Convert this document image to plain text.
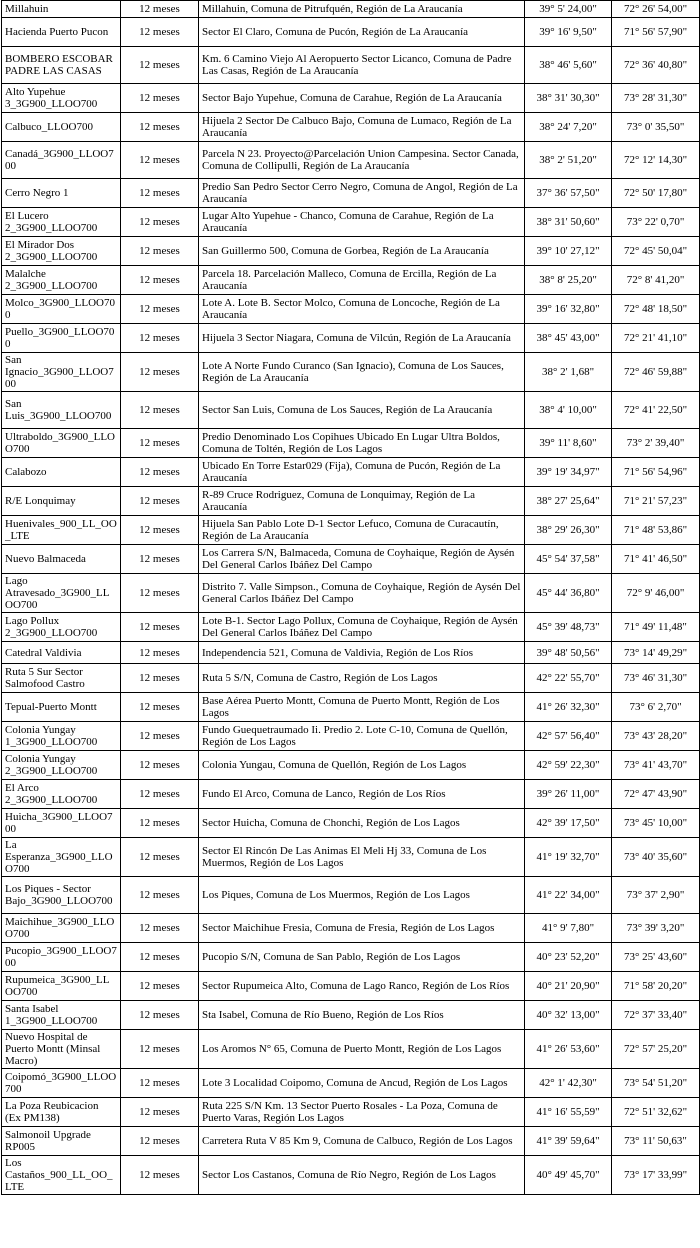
Millahuin	12 meses	Millahuin, Comuna de Pitrufquén, Región de La Araucanía	39° 5' 24,00"	72° 26' 54,00"
Hacienda Puerto Pucon	12 meses	Sector El Claro, Comuna de Pucón, Región de La Araucanía	39° 16' 9,50"	71° 56' 57,90"
BOMBERO ESCOBAR PADRE LAS CASAS	12 meses	Km. 6 Camino Viejo Al Aeropuerto Sector Licanco, Comuna de Padre Las Casas, Región de La Araucanía	38° 46' 5,60"	72° 36' 40,80"
Alto Yupehue 3_3G900_LLOO700	12 meses	Sector Bajo Yupehue, Comuna de Carahue, Región de La Araucanía	38° 31' 30,30"	73° 28' 31,30"
Calbuco_LLOO700	12 meses	Hijuela 2 Sector De Calbuco Bajo, Comuna de Lumaco, Región de La Araucanía	38° 24' 7,20"	73° 0' 35,50"
Canadá_3G900_LLOO700	12 meses	Parcela N 23. Proyecto@Parcelación Union Campesina. Sector Canada, Comuna de Collipulli, Región de La Araucanía	38° 2' 51,20"	72° 12' 14,30"
Cerro Negro 1	12 meses	Predio San Pedro Sector Cerro Negro, Comuna de Angol, Región de La Araucanía	37° 36' 57,50"	72° 50' 17,80"
El Lucero 2_3G900_LLOO700	12 meses	Lugar Alto Yupehue - Chanco, Comuna de Carahue, Región de La Araucanía	38° 31' 50,60"	73° 22' 0,70"
El Mirador Dos 2_3G900_LLOO700	12 meses	San Guillermo 500, Comuna de Gorbea, Región de La Araucanía	39° 10' 27,12"	72° 45' 50,04"
Malalche 2_3G900_LLOO700	12 meses	Parcela 18. Parcelación Malleco, Comuna de Ercilla, Región de La Araucanía	38° 8' 25,20"	72° 8' 41,20"
Molco_3G900_LLOO700	12 meses	Lote A. Lote B. Sector Molco, Comuna de Loncoche, Región de La Araucanía	39° 16' 32,80"	72° 48' 18,50"
Puello_3G900_LLOO700	12 meses	Hijuela 3 Sector Niagara, Comuna de Vilcún, Región de La Araucanía	38° 45' 43,00"	72° 21' 41,10"
San Ignacio_3G900_LLOO700	12 meses	Lote A Norte Fundo Curanco (San Ignacio), Comuna de Los Sauces, Región de La Araucanía	38° 2' 1,68"	72° 46' 59,88"
San Luis_3G900_LLOO700	12 meses	Sector San Luis, Comuna de Los Sauces, Región de La Araucanía	38° 4' 10,00"	72° 41' 22,50"
Ultraboldo_3G900_LLOO700	12 meses	Predio Denominado Los Copihues Ubicado En Lugar Ultra Boldos, Comuna de Toltén, Región de Los Lagos	39° 11' 8,60"	73° 2' 39,40"
Calabozo	12 meses	Ubicado En Torre Estar029 (Fija), Comuna de Pucón, Región de La Araucanía	39° 19' 34,97"	71° 56' 54,96"
R/E Lonquimay	12 meses	R-89 Cruce Rodriguez, Comuna de Lonquimay, Región de La Araucanía	38° 27' 25,64"	71° 21' 57,23"
Huenivales_900_LL_OO_LTE	12 meses	Hijuela San Pablo Lote D-1 Sector Lefuco, Comuna de Curacautín, Región de La Araucanía	38° 29' 26,30"	71° 48' 53,86"
Nuevo Balmaceda	12 meses	Los Carrera S/N, Balmaceda, Comuna de Coyhaique, Región de Aysén Del General Carlos Ibáñez Del Campo	45° 54' 37,58"	71° 41' 46,50"
Lago Atravesado_3G900_LLOO700	12 meses	Distrito 7. Valle Simpson., Comuna de Coyhaique, Región de Aysén Del General Carlos Ibáñez Del Campo	45° 44' 36,80"	72° 9' 46,00"
Lago Pollux 2_3G900_LLOO700	12 meses	Lote B-1. Sector Lago Pollux, Comuna de Coyhaique, Región de Aysén Del General Carlos Ibáñez Del Campo	45° 39' 48,73"	71° 49' 11,48"
Catedral Valdivia	12 meses	Independencia 521, Comuna de Valdivia, Región de Los Ríos	39° 48' 50,56"	73° 14' 49,29"
Ruta 5 Sur Sector Salmofood Castro	12 meses	Ruta 5 S/N, Comuna de Castro, Región de Los Lagos	42° 22' 55,70"	73° 46' 31,30"
Tepual-Puerto Montt	12 meses	Base Aérea Puerto Montt, Comuna de Puerto Montt, Región de Los Lagos	41° 26' 32,30"	73° 6' 2,70"
Colonia Yungay 1_3G900_LLOO700	12 meses	Fundo Guequetraumado Ii. Predio 2. Lote C-10, Comuna de Quellón, Región de Los Lagos	42° 57' 56,40"	73° 43' 28,20"
Colonia Yungay 2_3G900_LLOO700	12 meses	Colonia Yungau, Comuna de Quellón, Región de Los Lagos	42° 59' 22,30"	73° 41' 43,70"
El Arco 2_3G900_LLOO700	12 meses	Fundo El Arco, Comuna de Lanco, Región de Los Ríos	39° 26' 11,00"	72° 47' 43,90"
Huicha_3G900_LLOO700	12 meses	Sector Huicha, Comuna de Chonchi, Región de Los Lagos	42° 39' 17,50"	73° 45' 10,00"
La Esperanza_3G900_LLOO700	12 meses	Sector El Rincón De Las Animas El Meli Hj 33, Comuna de Los Muermos, Región de Los Lagos	41° 19' 32,70"	73° 40' 35,60"
Los Piques - Sector Bajo_3G900_LLOO700	12 meses	Los Piques, Comuna de Los Muermos, Región de Los Lagos	41° 22' 34,00"	73° 37' 2,90"
Maichihue_3G900_LLOO700	12 meses	Sector Maichihue Fresia, Comuna de Fresia, Región de Los Lagos	41° 9' 7,80"	73° 39' 3,20"
Pucopio_3G900_LLOO700	12 meses	Pucopio S/N, Comuna de San Pablo, Región de Los Lagos	40° 23' 52,20"	73° 25' 43,60"
Rupumeica_3G900_LLOO700	12 meses	Sector Rupumeica Alto, Comuna de Lago Ranco, Región de Los Ríos	40° 21' 20,90"	71° 58' 20,20"
Santa Isabel 1_3G900_LLOO700	12 meses	Sta Isabel, Comuna de Río Bueno, Región de Los Ríos	40° 32' 13,00"	72° 37' 33,40"
Nuevo Hospital de Puerto Montt (Minsal Macro)	12 meses	Los Aromos N° 65, Comuna de Puerto Montt, Región de Los Lagos	41° 26' 53,60"	72° 57' 25,20"
Coipomó_3G900_LLOO700	12 meses	Lote 3 Localidad Coipomo, Comuna de Ancud, Región de Los Lagos	42° 1' 42,30"	73° 54' 51,20"
La Poza Reubicacion (Ex PM138)	12 meses	Ruta 225 S/N Km. 13 Sector Puerto Rosales - La Poza, Comuna de Puerto Varas, Región Los Lagos	41° 16' 55,59"	72° 51' 32,62"
Salmonoil Upgrade RP005	12 meses	Carretera Ruta V 85 Km 9, Comuna de Calbuco, Región de Los Lagos	41° 39' 59,64"	73° 11' 50,63"
Los Castaños_900_LL_OO_LTE	12 meses	Sector Los Castanos, Comuna de Río Negro, Región de Los Lagos	40° 49' 45,70"	73° 17' 33,99"
